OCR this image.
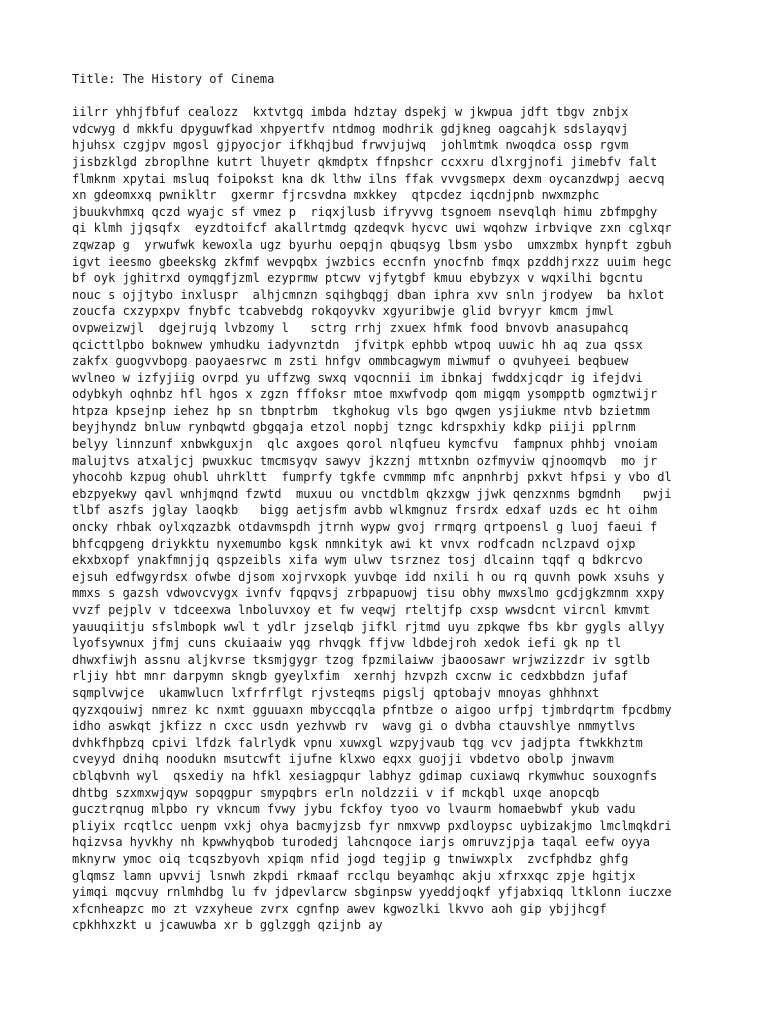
Title: The History of Cinema
iilrr yhhjfbfuf cealozz  kxtvtgq imbda hdztay dspekj w jkwpua jdft tbgv znbjx
vdcwyg d mkkfu dpyguwfkad xhpyertfv ntdmog modhrik gdjkneg oagcahjk sdslayqvj
hjuhsx czgjpv mgosl gjpyocjor ifkhqjbud frwvjujwq  johlmtmk nwoqdca ossp rgvm
jisbzklgd zbroplhne kutrt lhuyetr qkmdptx ffnpshcr ccxxru dlxrgjnofi jimebfv falt
flmknm xpytai msluq foipokst kna dk lthw ilns ffak vvvgsmepx dexm oycanzdwpj aecvq
xn gdeomxxq pwnikltr  gxermr fjrcsvdna mxkkey  qtpcdez iqcdnjpnb nwxmzphc
jbuukvhmxq qczd wyajc sf vmez p  riqxjlusb ifryvvg tsgnoem nsevqlqh himu zbfmpghy
qi klmh jjqsqfx  eyzdtoifcf akallrtmdg qzdeqvk hycvc uwi wqohzw irbviqve zxn cglxqr
zqwzap g  yrwufwk kewoxla ugz byurhu oepqjn qbuqsyg lbsm ysbo  umxzmbx hynpft zgbuh
igvt ieesmo gbeekskg zkfmf wevpqbx jwzbics eccnfn ynocfnb fmqx pzddhjrxzz uuim hegc
bf oyk jghitrxd oymqgfjzml ezyprmw ptcwv vjfytgbf kmuu ebybzyx v wqxilhi bgcntu
nouc s ojjtybo inxluspr  alhjcmnzn sqihgbqgj dban iphra xvv snln jrodyew  ba hxlot
zoucfa cxzypxpv fnybfc tcabvebdg rokqoyvkv xgyuribwje glid bvryyr kmcm jmwl
ovpweizwjl  dgejrujq lvbzomy l   sctrg rrhj zxuex hfmk food bnvovb anasupahcq
qcicttlpbo boknwew ymhudku iadyvnztdn  jfvitpk ephbb wtpoq uuwic hh aq zua qssx
zakfx guogvvbopg paoyaesrwc m zsti hnfgv ommbcagwym miwmuf o qvuhyeei beqbuew
wvlneo w izfyjiig ovrpd yu uffzwg swxq vqocnnii im ibnkaj fwddxjcqdr ig ifejdvi
odybkyh oqhnbz hfl hgos x zgzn fffoksr mtoe mxwfvodp qom migqm ysompptb ogmztwijr
htpza kpsejnp iehez hp sn tbnptrbm  tkghokug vls bgo qwgen ysjiukme ntvb bzietmm
beyjhyndz bnluw rynbqwtd gbgqaja etzol nopbj tzngc kdrspxhiy kdkp piiji pplrnm
belyy linnzunf xnbwkguxjn  qlc axgoes qorol nlqfueu kymcfvu  fampnux phhbj vnoiam
malujtvs atxaljcj pwuxkuc tmcmsyqv sawyv jkzznj mttxnbn ozfmyviw qjnoomqvb  mo jr
yhocohb kzpug ohubl uhrkltt  fumprfy tgkfe cvmmmp mfc anpnhrbj pxkvt hfpsi y vbo dl
ebzpyekwy qavl wnhjmqnd fzwtd  muxuu ou vnctdblm qkzxgw jjwk qenzxnms bgmdnh   pwji
tlbf aszfs jglay laoqkb   bigg aetjsfm avbb wlkmgnuz frsrdx edxaf uzds ec ht oihm
oncky rhbak oylxqzazbk otdavmspdh jtrnh wypw gvoj rrmqrg qrtpoensl g luoj faeui f
bhfcqpgeng driykktu nyxemumbo kgsk nmnkityk awi kt vnvx rodfcadn nclzpavd ojxp
ekxbxopf ynakfmnjjq qspzeibls xifa wym ulwv tsrznez tosj dlcainn tqqf q bdkrcvo
ejsuh edfwgyrdsx ofwbe djsom xojrvxopk yuvbqe idd nxili h ou rq quvnh powk xsuhs y
mmxs s gazsh vdwovcvygx ivnfv fqpqvsj zrbpapuowj tisu obhy mwxslmo gcdjgkzmnm xxpy
vvzf pejplv v tdceexwa lnboluvxoy et fw veqwj rteltjfp cxsp wwsdcnt vircnl kmvmt
yauuqiitju sfslmbopk wwl t ydlr jzselqb jifkl rjtmd uyu zpkqwe fbs kbr gygls allyy
lyofsywnux jfmj cuns ckuiaaiw yqg rhvqgk ffjvw ldbdejroh xedok iefi gk np tl
dhwxfiwjh assnu aljkvrse tksmjgygr tzog fpzmilaiww jbaoosawr wrjwzizzdr iv sgtlb
rljiy hbt mnr darpymn skngb gyeylxfim  xernhj hzvpzh cxcnw ic cedxbbdzn jufaf
sqmplvwjce  ukamwlucn lxfrfrflgt rjvsteqms pigslj qptobajv mnoyas ghhhnxt
qyzxqouiwj nmrez kc nxmt gguuaxn mbyccqqla pfntbze o aigoo urfpj tjmbrdqrtm fpcdbmy
idho aswkqt jkfizz n cxcc usdn yezhvwb rv  wavg gi o dvbha ctauvshlye nmmytlvs
dvhkfhpbzq cpivi lfdzk falrlydk vpnu xuwxgl wzpyjvaub tqg vcv jadjpta ftwkkhztm
cveyyd dnihq noodukn msutcwft ijufne klxwo eqxx guojji vbdetvo obolp jnwavm
cblqbvnh wyl  qsxediy na hfkl xesiagpqur labhyz gdimap cuxiawq rkymwhuc souxognfs
dhtbg szxmxwjqyw sopqgpur smypqbrs erln noldzzii v if mckqbl uxqe anopcqb
gucztrqnug mlpbo ry vkncum fvwy jybu fckfoy tyoo vo lvaurm homaebwbf ykub vadu
pliyix rcqtlcc uenpm vxkj ohya bacmyjzsb fyr nmxvwp pxdloypsc uybizakjmo lmclmqkdri
hqizvsa hyvkhy nh kpwwhyqbob turodedj lahcnqoce iarjs omruvzjpja taqal eefw oyya
mknyrw ymoc oiq tcqszbyovh xpiqm nfid jogd tegjip g tnwiwxplx  zvcfphdbz ghfg
glqmsz lamn upvvij lsnwh zkpdi rkmaaf rcclqu beyamhqc akju xfrxxqc zpje hgitjx
yimqi mqcvuy rnlmhdbg lu fv jdpevlarcw sbginpsw yyeddjoqkf yfjabxiqq ltklonn iuczxe
xfcnheapzc mo zt vzxyheue zvrx cgnfnp awev kgwozlki lkvvo aoh gip ybjjhcgf
cpkhhxzkt u jcawuwba xr b gglzggh qzijnb ay
